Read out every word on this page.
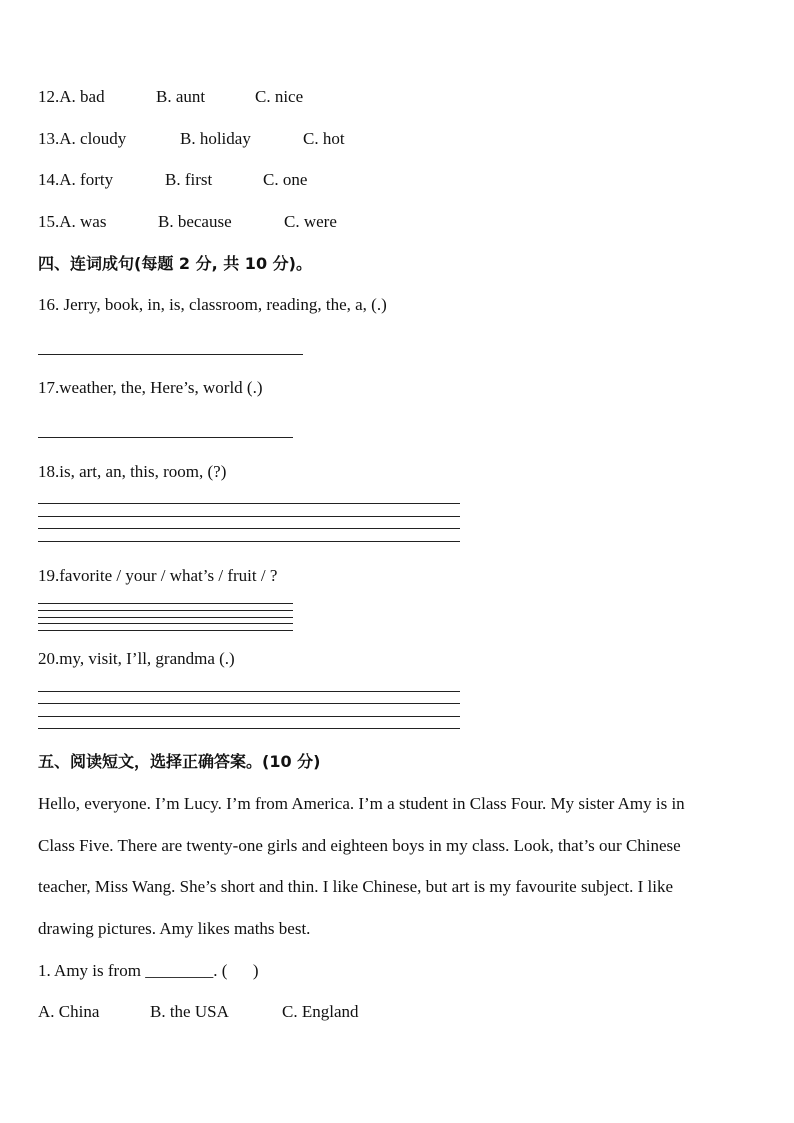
12.A. bad	B. aunt	C. nice
13.A. cloudy	B. holiday	C. hot
14.A. forty	B. first	C. one
15.A. was	B. because	C. were
四、连词成句(每题 2 分, 共 10 分)。
16. Jerry, book, in, is, classroom, reading, the, a, (.)
17.weather, the, Here’s, world (.)
18.is, art, an, this, room, (?)
19.favorite / your / what’s / fruit / ?
20.my, visit, I’ll, grandma (.)
五、阅读短文，选择正确答案。(10 分)
Hello, everyone. I’m Lucy. I’m from America. I’m a student in Class Four. My sister Amy is in
Class Five. There are twenty-one girls and eighteen boys in my class. Look, that’s our Chinese
teacher, Miss Wang. She’s short and thin. I like Chinese, but art is my favourite subject. I like
drawing pictures. Amy likes maths best.
1. Amy is from ________. (      )
A. China	B. the USA	C. England
